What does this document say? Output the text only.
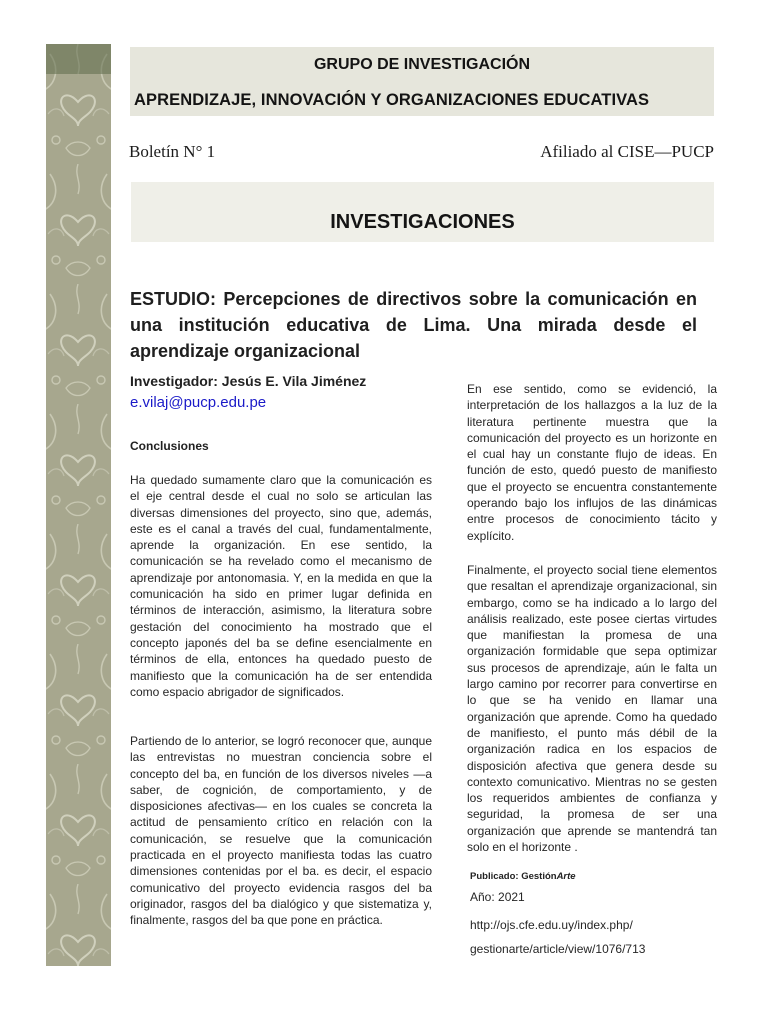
GRUPO DE INVESTIGACIÓN
APRENDIZAJE, INNOVACIÓN Y ORGANIZACIONES EDUCATIVAS
Boletín N° 1	Afiliado al CISE—PUCP
INVESTIGACIONES
ESTUDIO: Percepciones de directivos sobre la comunicación en una institución educativa de Lima. Una mirada desde el aprendizaje organizacional
Investigador: Jesús E. Vila Jiménez
e.vilaj@pucp.edu.pe
Conclusiones
Ha quedado sumamente claro que la comunicación es el eje central desde el cual no solo se articulan las diversas dimensiones del proyecto, sino que, además, este es el canal a través del cual, fundamentalmente, aprende la organización. En ese sentido, la comunicación se ha revelado como el mecanismo de aprendizaje por antonomasia. Y, en la medida en que la comunicación ha sido en primer lugar definida en términos de interacción, asimismo, la literatura sobre gestación del conocimiento ha mostrado que el concepto japonés del ba se define esencialmente en términos de ella, entonces ha quedado puesto de manifiesto que la comunicación ha de ser entendida como espacio abrigador de significados.
Partiendo de lo anterior, se logró reconocer que, aunque las entrevistas no muestran conciencia sobre el concepto del ba, en función de los diversos niveles —a saber, de cognición, de comportamiento, y de disposiciones afectivas— en los cuales se concreta la actitud de pensamiento crítico en relación con la comunicación, se resuelve que la comunicación practicada en el proyecto manifiesta todas las cuatro dimensiones contenidas por el ba. es decir, el espacio comunicativo del proyecto evidencia rasgos del ba originador, rasgos del ba dialógico y que sistematiza y, finalmente, rasgos del ba que pone en práctica.
En ese sentido, como se evidenció, la interpretación de los hallazgos a la luz de la literatura pertinente muestra que la comunicación del proyecto es un horizonte en el cual hay un constante flujo de ideas. En función de esto, quedó puesto de manifiesto que el proyecto se encuentra constantemente operando bajo los influjos de las dinámicas entre procesos de conocimiento tácito y explícito.
Finalmente, el proyecto social tiene elementos que resaltan el aprendizaje organizacional, sin embargo, como se ha indicado a lo largo del análisis realizado, este posee ciertas virtudes que manifiestan la promesa de una organización formidable que sepa optimizar sus procesos de aprendizaje, aún le falta un largo camino por recorrer para convertirse en lo que se ha venido en llamar una organización que aprende. Como ha quedado de manifiesto, el punto más débil de la organización radica en los espacios de disposición afectiva que genera desde su contexto comunicativo. Mientras no se gesten los requeridos ambientes de confianza y seguridad, la promesa de ser una organización que aprende se mantendrá tan solo en el horizonte .
Publicado: GestiónArte
Año: 2021
http://ojs.cfe.edu.uy/index.php/
gestionarte/article/view/1076/713
